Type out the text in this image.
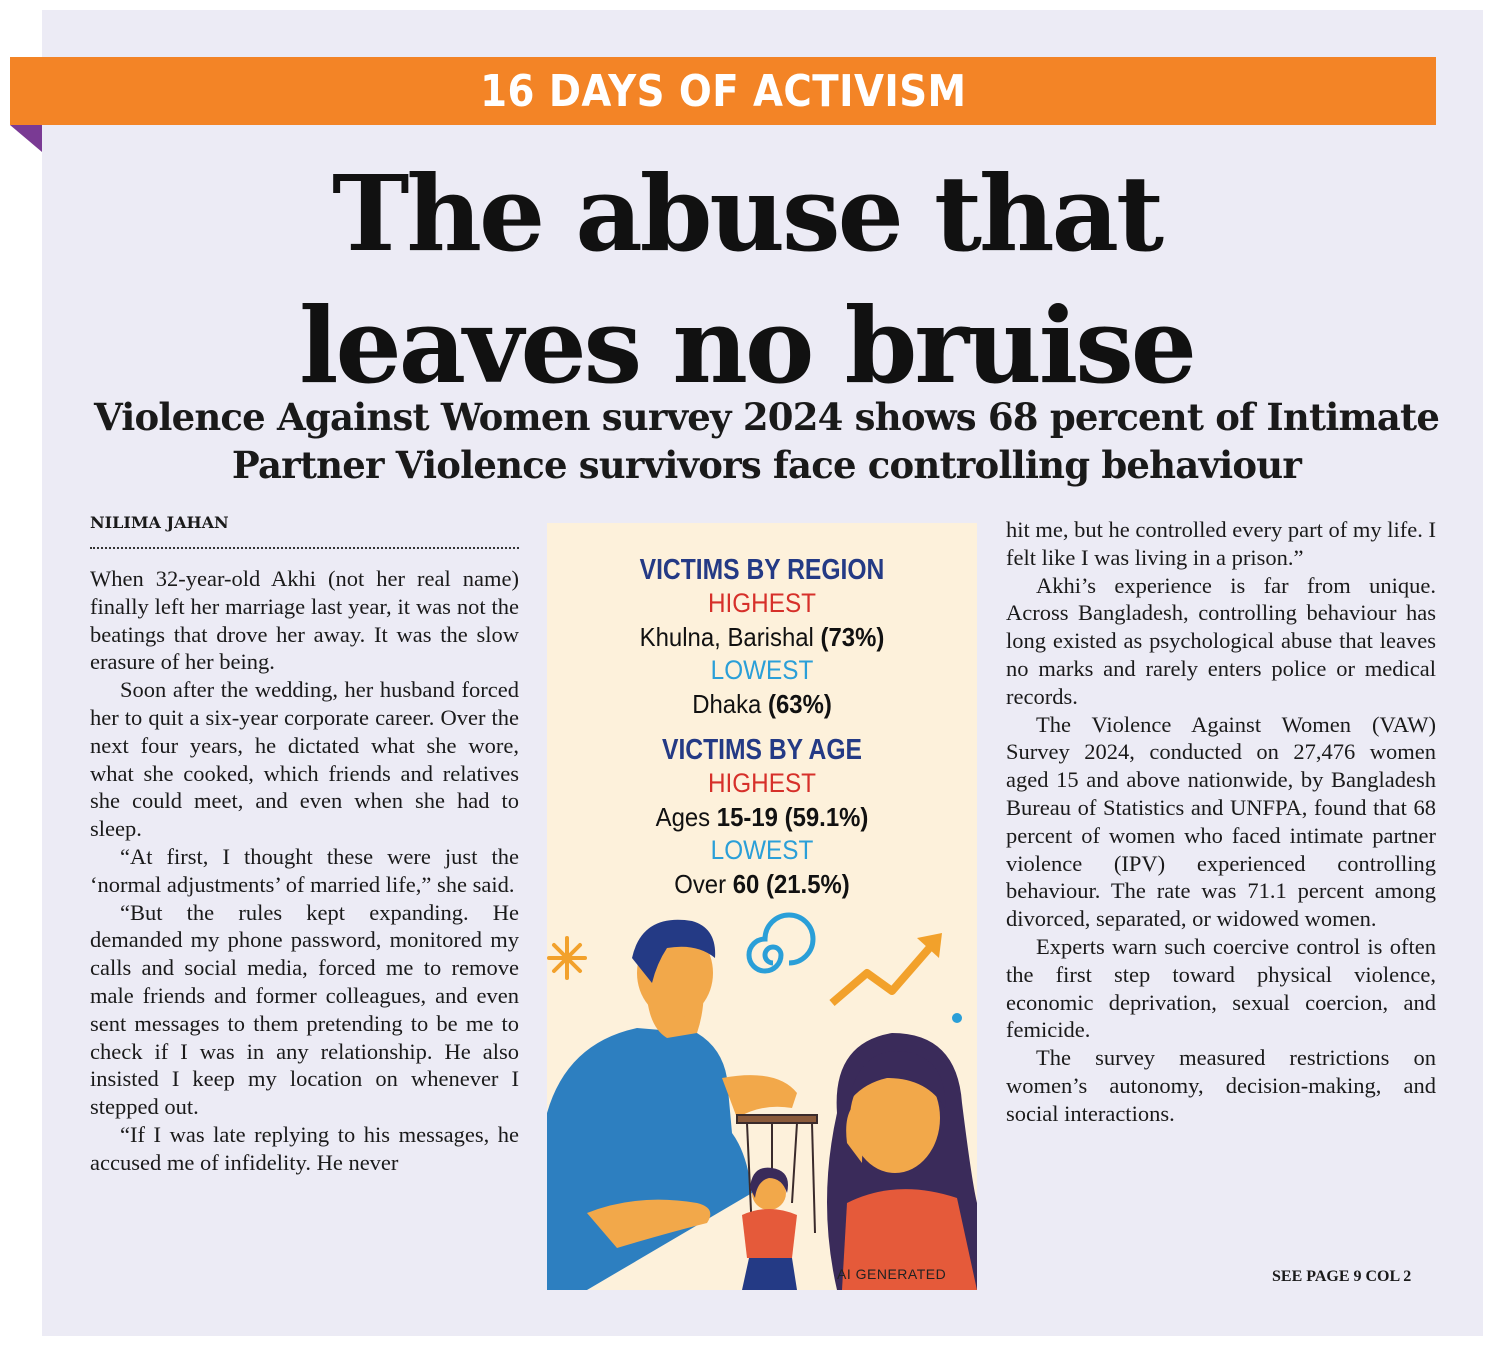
16 DAYS OF ACTIVISM
The abuse that
leaves no bruise
Violence Against Women survey 2024 shows 68 percent of Intimate
Partner Violence survivors face controlling behaviour
NILIMA JAHAN

When 32-year-old Akhi (not her real name) finally left her marriage last year, it was not the beatings that drove her away. It was the slow erasure of her being.

Soon after the wedding, her husband forced her to quit a six-year corporate career. Over the next four years, he dictated what she wore, what she cooked, which friends and relatives she could meet, and even when she had to sleep.

“At first, I thought these were just the ‘normal adjustments’ of married life,” she said.

“But the rules kept expanding. He demanded my phone password, monitored my calls and social media, forced me to remove male friends and former colleagues, and even sent messages to them pretending to be me to check if I was in any relationship. He also insisted I keep my location on whenever I stepped out.

“If I was late replying to his messages, he accused me of infidelity. He never

VICTIMS BY REGION
HIGHEST
Khulna, Barishal (73%)
LOWEST
Dhaka (63%)
VICTIMS BY AGE
HIGHEST
Ages 15-19 (59.1%)
LOWEST
Over 60 (21.5%)
AI GENERATED

hit me, but he controlled every part of my life. I felt like I was living in a prison.”

Akhi’s experience is far from unique. Across Bangladesh, controlling behaviour has long existed as psychological abuse that leaves no marks and rarely enters police or medical records.

The Violence Against Women (VAW) Survey 2024, conducted on 27,476 women aged 15 and above nationwide, by Bangladesh Bureau of Statistics and UNFPA, found that 68 percent of women who faced intimate partner violence (IPV) experienced controlling behaviour. The rate was 71.1 percent among divorced, separated, or widowed women.

Experts warn such coercive control is often the first step toward physical violence, economic deprivation, sexual coercion, and femicide.

The survey measured restrictions on women’s autonomy, decision-making, and social interactions.

SEE PAGE 9 COL 2
